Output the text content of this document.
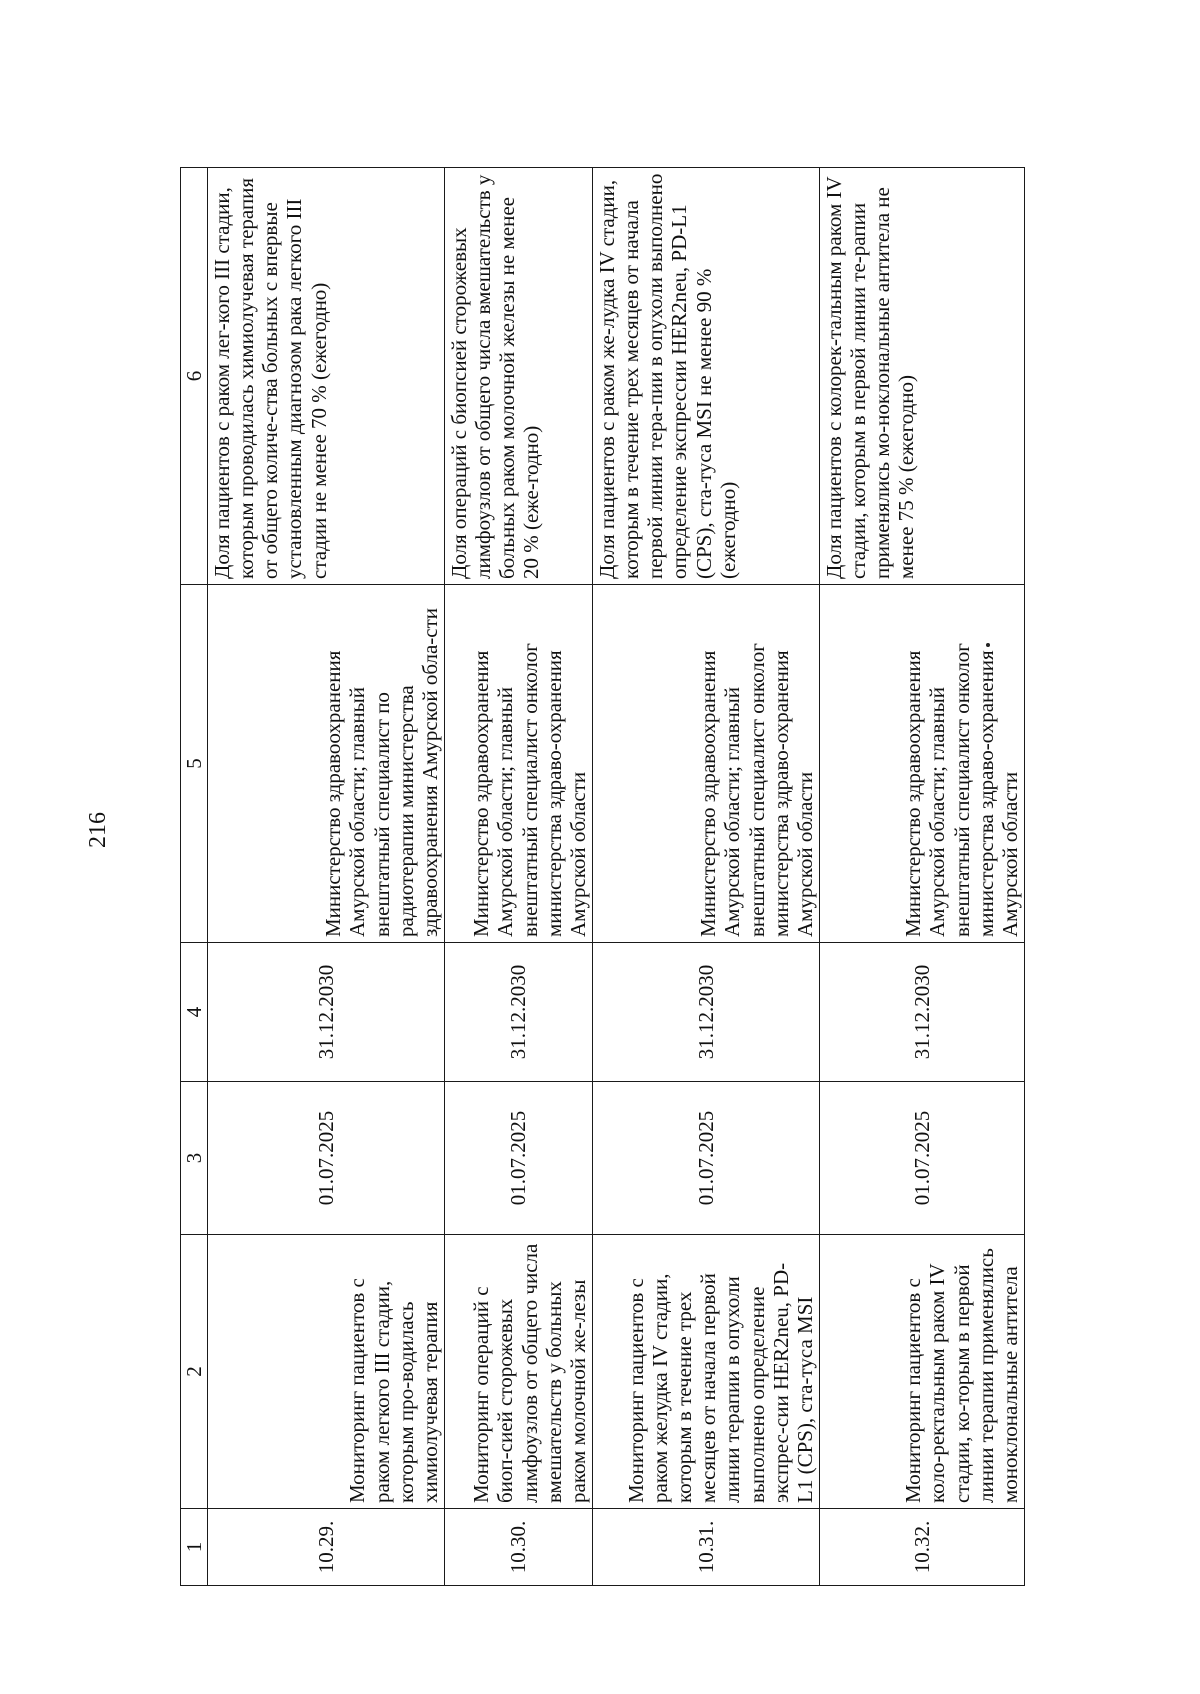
216
1	2	3	4	5	6
10.29.	Мониторинг пациентов с раком легкого III стадии, которым про-водилась химиолучевая терапия	01.07.2025	31.12.2030	Министерство здравоохранения Амурской области; главный внештатный специалист по радиотерапии министерства здравоохранения Амурской обла-сти	Доля пациентов с раком лег-кого III стадии, которым проводилась химиолучевая терапия от общего количе-ства больных с впервые установленным диагнозом рака легкого III стадии не менее 70 % (ежегодно)
10.30.	Мониторинг операций с биоп-сией сторожевых лимфоузлов от общего числа вмешательств у больных раком молочной же-лезы	01.07.2025	31.12.2030	Министерство здравоохранения Амурской области; главный внештатный специалист онколог министерства здраво-охранения Амурской области	Доля операций с биопсией сторожевых лимфоузлов от общего числа вмешательств у больных раком молочной железы не менее 20 % (еже-годно)
10.31.	Мониторинг пациентов с раком желудка IV стадии, которым в течение трех месяцев от начала первой линии терапии в опухоли выполнено определение экспрес-сии HER2neu, PD-L1 (CPS), ста-туса MSI	01.07.2025	31.12.2030	Министерство здравоохранения Амурской области; главный внештатный специалист онколог министерства здраво-охранения Амурской области	Доля пациентов с раком же-лудка IV стадии, которым в течение трех месяцев от начала первой линии тера-пии в опухоли выполнено определение экспрессии HER2neu, PD-L1 (CPS), ста-туса MSI не менее 90 % (ежегодно)
10.32.	Мониторинг пациентов с коло-ректальным раком IV стадии, ко-торым в первой линии терапии применялись моноклональные антитела	01.07.2025	31.12.2030	Министерство здравоохранения Амурской области; главный внештатный специалист онколог министерства здраво-охранения Амурской области	Доля пациентов с колорек-тальным раком IV стадии, которым в первой линии те-рапии применялись мо-ноклональные антитела не менее 75 % (ежегодно)
